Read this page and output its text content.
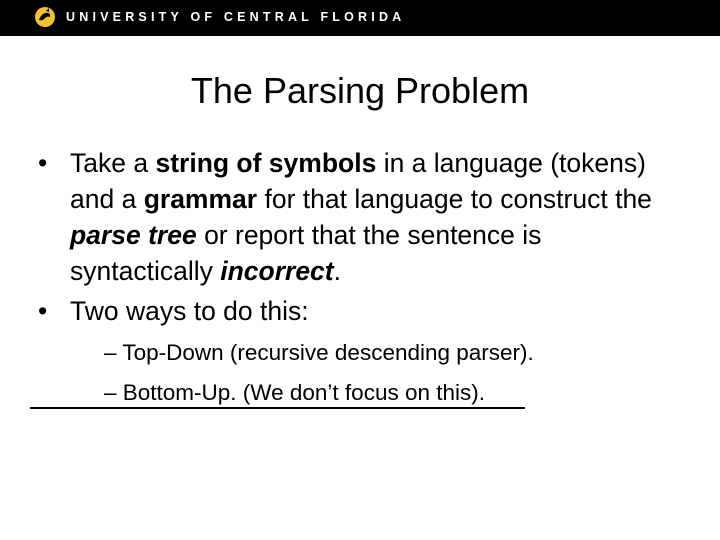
UNIVERSITY OF CENTRAL FLORIDA
The Parsing Problem
• Take a string of symbols in a language (tokens) and a grammar for that language to construct the parse tree or report that the sentence is syntactically incorrect.
• Two ways to do this:
– Top-Down (recursive descending parser).
– Bottom-Up. (We don’t focus on this).
